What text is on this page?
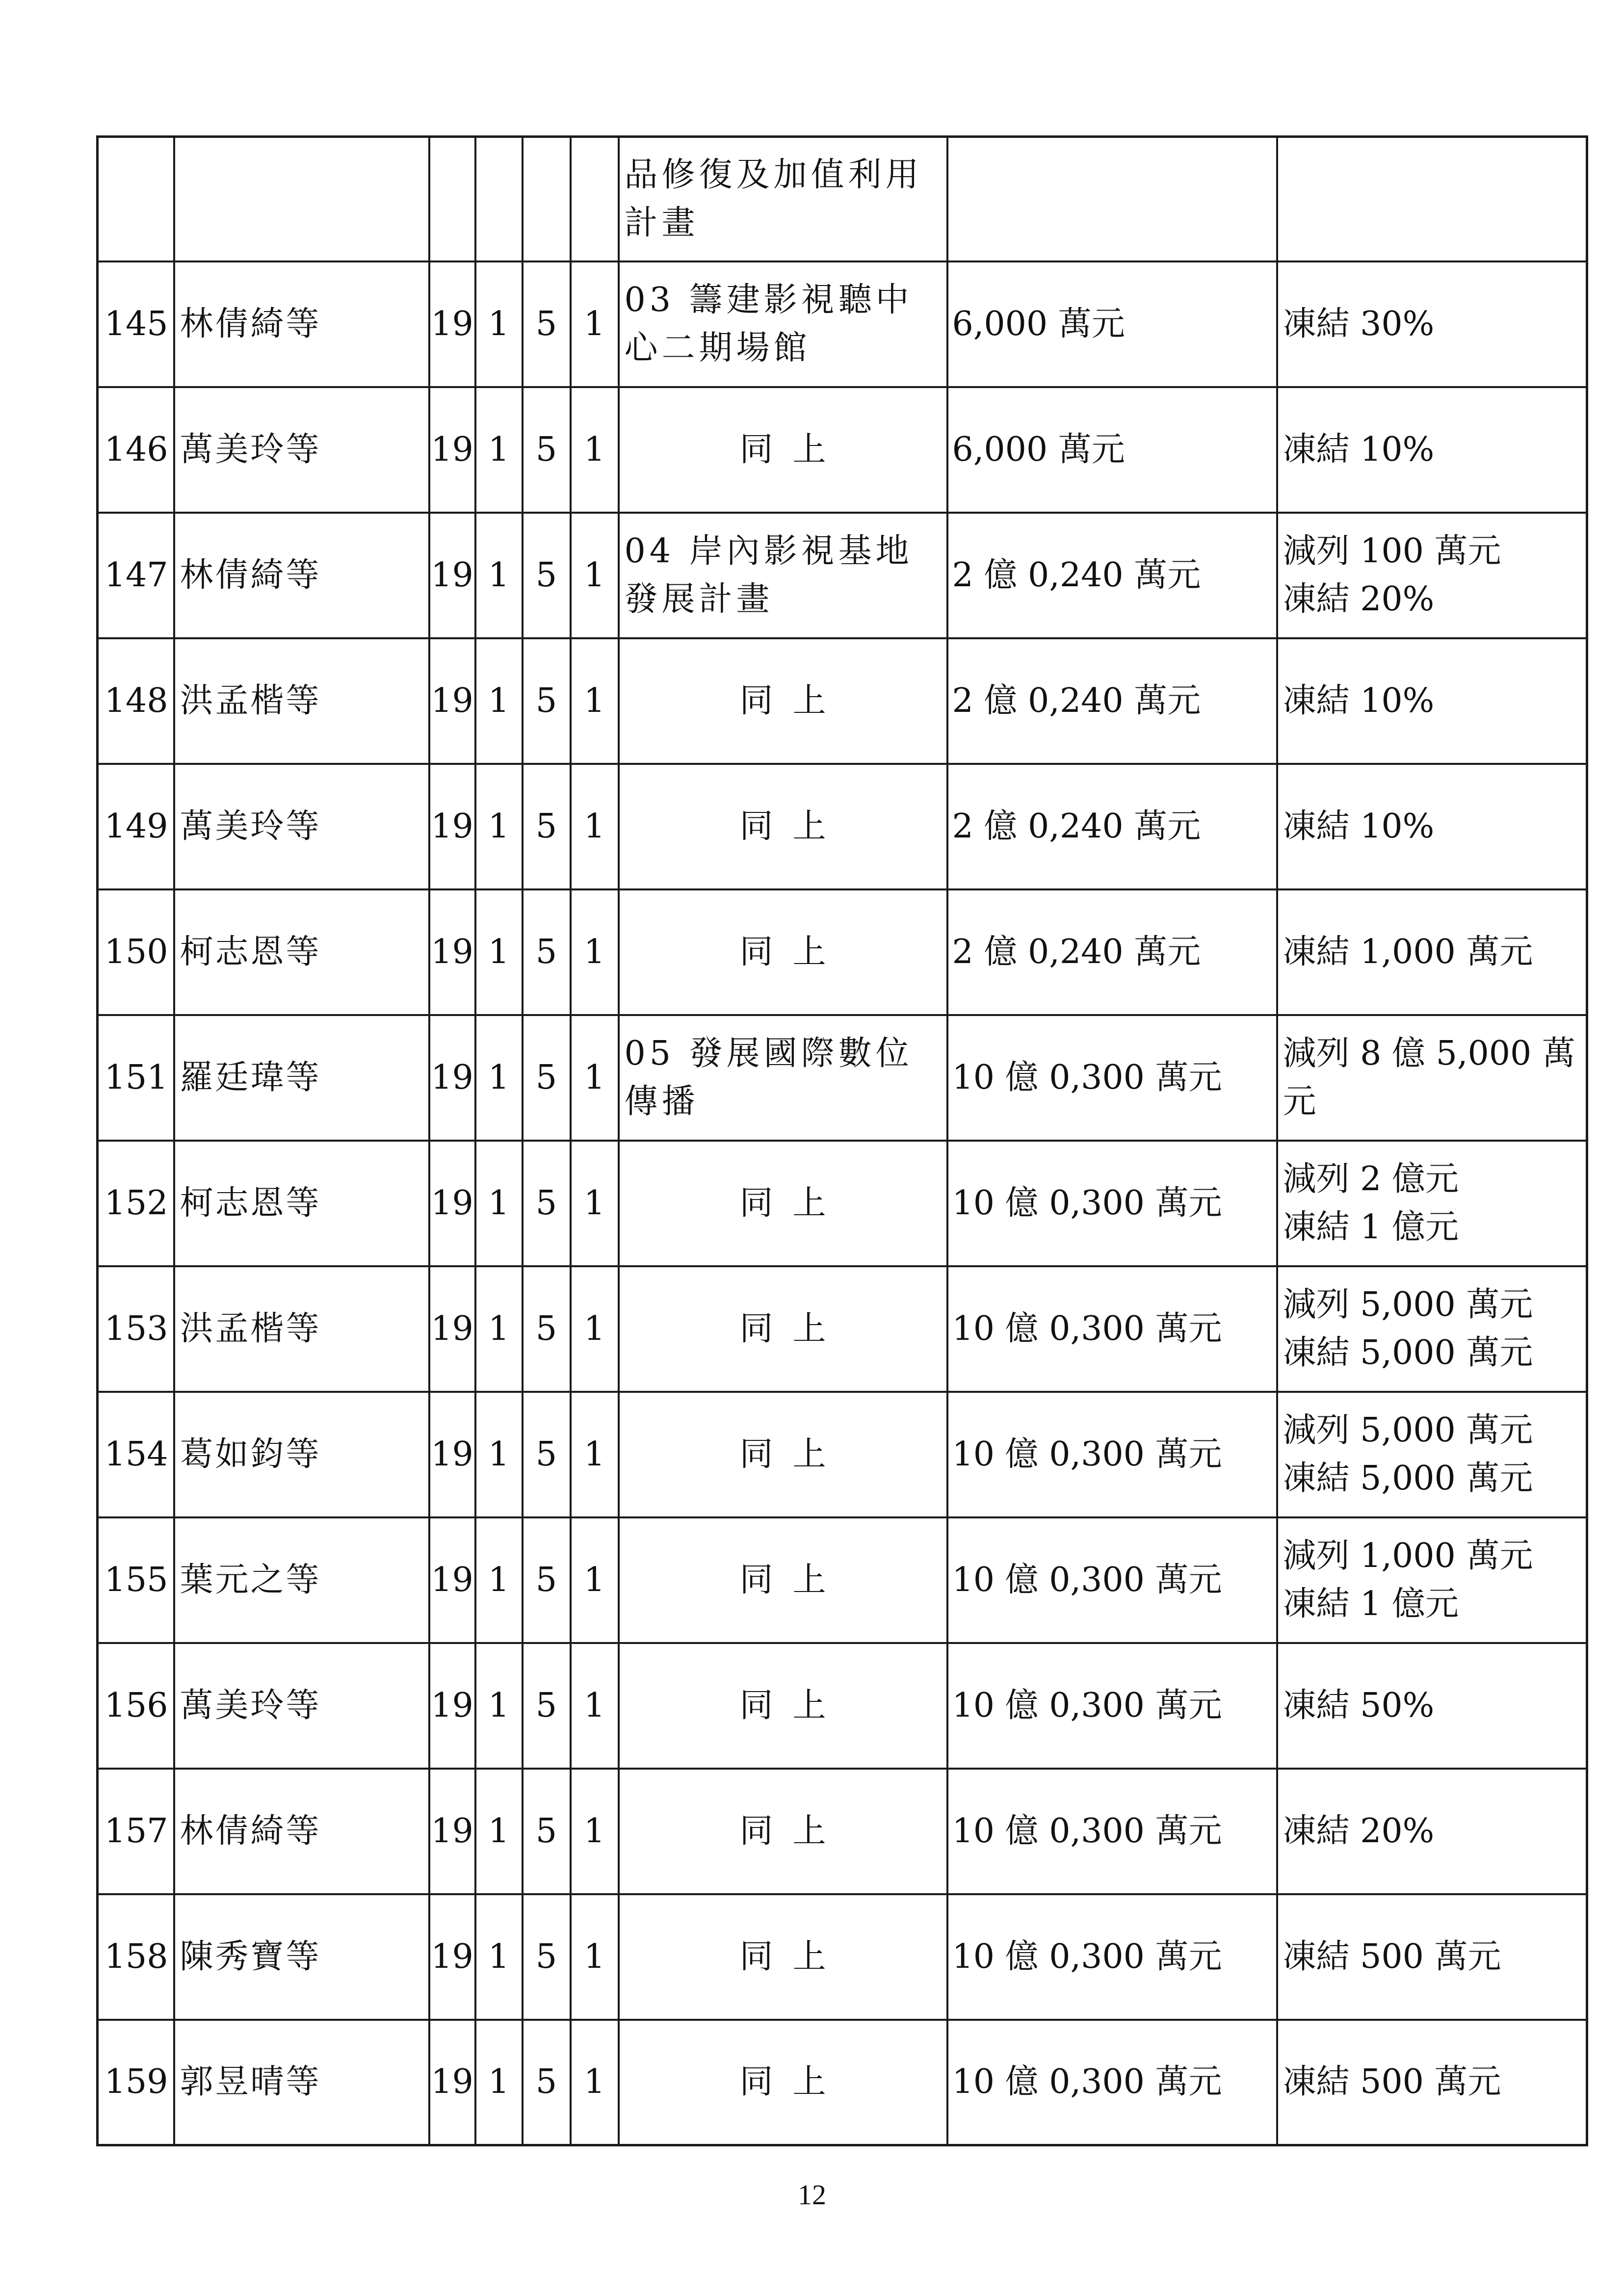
						品修復及加值利用計畫		
145	林倩綺等	19	1	5	1	03 籌建影視聽中心二期場館	6,000 萬元	凍結 30%

146	萬美玲等	19	1	5	1	同上	6,000 萬元	凍結 10%

147	林倩綺等	19	1	5	1	04 岸內影視基地發展計畫	2 億 0,240 萬元	減列 100 萬元
凍結 20%

148	洪孟楷等	19	1	5	1	同上	2 億 0,240 萬元	凍結 10%

149	萬美玲等	19	1	5	1	同上	2 億 0,240 萬元	凍結 10%

150	柯志恩等	19	1	5	1	同上	2 億 0,240 萬元	凍結 1,000 萬元

151	羅廷瑋等	19	1	5	1	05 發展國際數位傳播	10 億 0,300 萬元	減列 8 億 5,000 萬元

152	柯志恩等	19	1	5	1	同上	10 億 0,300 萬元	減列 2 億元
凍結 1 億元

153	洪孟楷等	19	1	5	1	同上	10 億 0,300 萬元	減列 5,000 萬元
凍結 5,000 萬元

154	葛如鈞等	19	1	5	1	同上	10 億 0,300 萬元	減列 5,000 萬元
凍結 5,000 萬元

155	葉元之等	19	1	5	1	同上	10 億 0,300 萬元	減列 1,000 萬元
凍結 1 億元

156	萬美玲等	19	1	5	1	同上	10 億 0,300 萬元	凍結 50%

157	林倩綺等	19	1	5	1	同上	10 億 0,300 萬元	凍結 20%

158	陳秀寶等	19	1	5	1	同上	10 億 0,300 萬元	凍結 500 萬元

159	郭昱晴等	19	1	5	1	同上	10 億 0,300 萬元	凍結 500 萬元
12
